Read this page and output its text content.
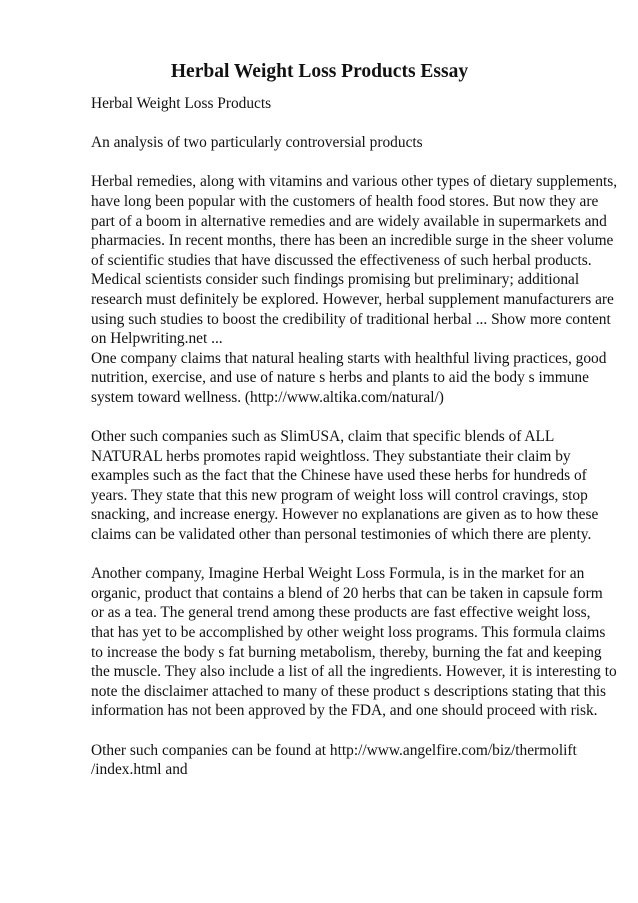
Herbal Weight Loss Products Essay

Herbal Weight Loss Products

An analysis of two particularly controversial products

Herbal remedies, along with vitamins and various other types of dietary supplements,
have long been popular with the customers of health food stores. But now they are
part of a boom in alternative remedies and are widely available in supermarkets and
pharmacies. In recent months, there has been an incredible surge in the sheer volume
of scientific studies that have discussed the effectiveness of such herbal products.
Medical scientists consider such findings promising but preliminary; additional
research must definitely be explored. However, herbal supplement manufacturers are
using such studies to boost the credibility of traditional herbal ... Show more content
on Helpwriting.net ...
One company claims that natural healing starts with healthful living practices, good
nutrition, exercise, and use of nature s herbs and plants to aid the body s immune
system toward wellness. (http://www.altika.com/natural/)

Other such companies such as SlimUSA, claim that specific blends of ALL
NATURAL herbs promotes rapid weightloss. They substantiate their claim by
examples such as the fact that the Chinese have used these herbs for hundreds of
years. They state that this new program of weight loss will control cravings, stop
snacking, and increase energy. However no explanations are given as to how these
claims can be validated other than personal testimonies of which there are plenty.

Another company, Imagine Herbal Weight Loss Formula, is in the market for an
organic, product that contains a blend of 20 herbs that can be taken in capsule form
or as a tea. The general trend among these products are fast effective weight loss,
that has yet to be accomplished by other weight loss programs. This formula claims
to increase the body s fat burning metabolism, thereby, burning the fat and keeping
the muscle. They also include a list of all the ingredients. However, it is interesting to
note the disclaimer attached to many of these product s descriptions stating that this
information has not been approved by the FDA, and one should proceed with risk.

Other such companies can be found at http://www.angelfire.com/biz/thermolift
/index.html and
